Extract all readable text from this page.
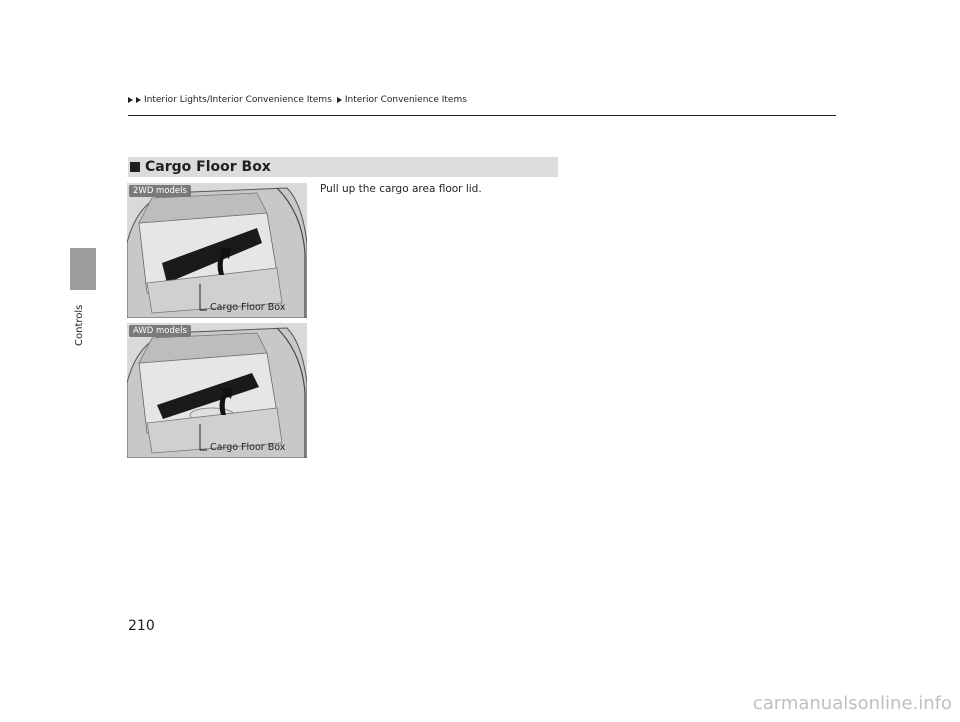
Controls
Interior Lights/Interior Convenience Items Interior Convenience Items
Cargo Floor Box
Pull up the cargo area floor lid.
2WD models
Cargo Floor Box
AWD models
Cargo Floor Box
210
carmanualsonline.info
